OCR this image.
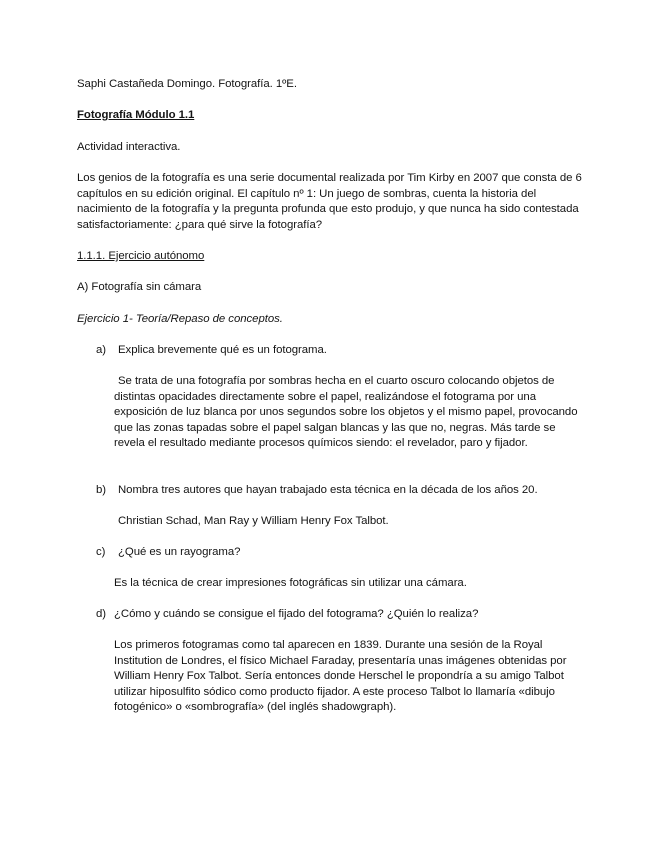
Saphi Castañeda Domingo. Fotografía. 1ºE.
Fotografía Módulo 1.1
Actividad interactiva.

Los genios de la fotografía es una serie documental realizada por Tim Kirby en 2007 que consta de 6 capítulos en su edición original. El capítulo nº 1: Un juego de sombras, cuenta la historia del nacimiento de la fotografía y la pregunta profunda que esto produjo, y que nunca ha sido contestada satisfactoriamente: ¿para qué sirve la fotografía?

1.1.1. Ejercicio autónomo
A) Fotografía sin cámara
Ejercicio 1- Teoría/Repaso de conceptos.
a) Explica brevemente qué es un fotograma.

Se trata de una fotografía por sombras hecha en el cuarto oscuro colocando objetos de distintas opacidades directamente sobre el papel, realizándose el fotograma por una exposición de luz blanca por unos segundos sobre los objetos y el mismo papel, provocando que las zonas tapadas sobre el papel salgan blancas y las que no, negras. Más tarde se revela el resultado mediante procesos químicos siendo: el revelador, paro y fijador.

b) Nombra tres autores que hayan trabajado esta técnica en la década de los años 20.
Christian Schad, Man Ray y William Henry Fox Talbot.
c) ¿Qué es un rayograma?
Es la técnica de crear impresiones fotográficas sin utilizar una cámara.
d) ¿Cómo y cuándo se consigue el fijado del fotograma? ¿Quién lo realiza?

Los primeros fotogramas como tal aparecen en 1839. Durante una sesión de la Royal Institution de Londres, el físico Michael Faraday, presentaría unas imágenes obtenidas por William Henry Fox Talbot. Sería entonces donde Herschel le propondría a su amigo Talbot utilizar hiposulfito sódico como producto fijador. A este proceso Talbot lo llamaría «dibujo fotogénico» o «sombrografía» (del inglés shadowgraph).
